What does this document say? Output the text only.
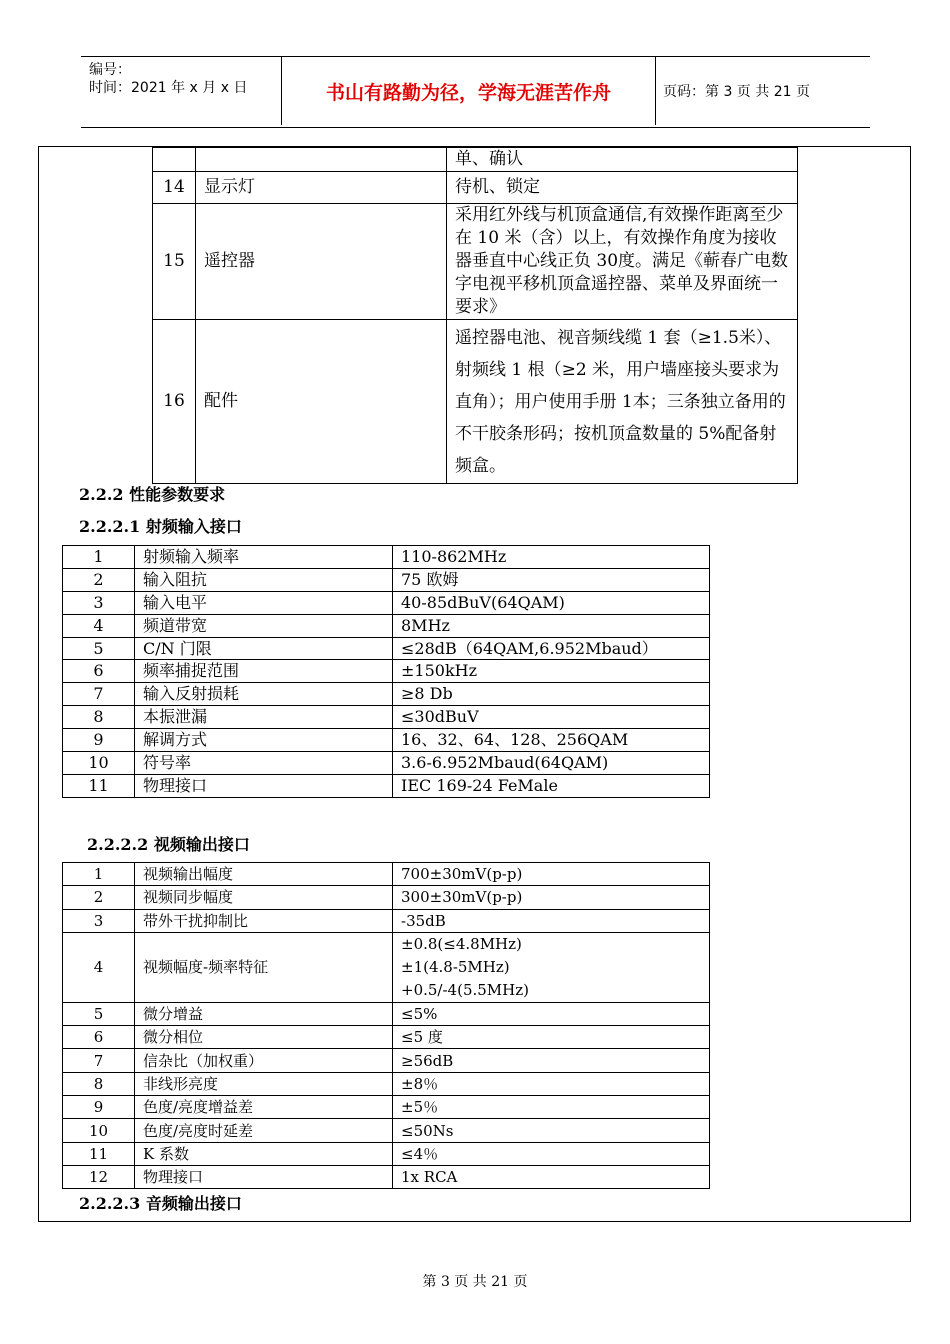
编号：
时间：2021 年 x 月 x 日	书山有路勤为径，学海无涯苦作舟	页码：第 3 页 共 21 页
		单、确认
14	显示灯	待机、锁定
15	遥控器	采用红外线与机顶盒通信,有效操作距离至少在 10 米（含）以上，有效操作角度为接收器垂直中心线正负 30度。满足《蕲春广电数字电视平移机顶盒遥控器、菜单及界面统一要求》
16	配件	遥控器电池、视音频线缆 1 套（≥1.5米）、射频线 1 根（≥2 米，用户墙座接头要求为直角）；用户使用手册 1本；三条独立备用的不干胶条形码；按机顶盒数量的 5%配备射频盒。
2.2.2 性能参数要求
2.2.2.1 射频输入接口
1	射频输入频率	110-862MHz
2	输入阻抗	75 欧姆
3	输入电平	40-85dBuV(64QAM)
4	频道带宽	8MHz
5	C/N 门限	≤28dB（64QAM,6.952Mbaud）
6	频率捕捉范围	±150kHz
7	输入反射损耗	≥8 Db
8	本振泄漏	≤30dBuV
9	解调方式	16、32、64、128、256QAM
10	符号率	3.6-6.952Mbaud(64QAM)
11	物理接口	IEC 169-24 FeMale
2.2.2.2 视频输出接口
1	视频输出幅度	700±30mV(p-p)
2	视频同步幅度	300±30mV(p-p)
3	带外干扰抑制比	-35dB
4	视频幅度-频率特征	±0.8(≤4.8MHz)
±1(4.8-5MHz)
+0.5/-4(5.5MHz)

5	微分增益	≤5%
6	微分相位	≤5 度
7	信杂比（加权重）	≥56dB
8	非线形亮度	±8％
9	色度/亮度增益差	±5％
10	色度/亮度时延差	≤50Ns
11	K 系数	≤4％
12	物理接口	1x RCA
2.2.2.3 音频输出接口
第 3 页 共 21 页
